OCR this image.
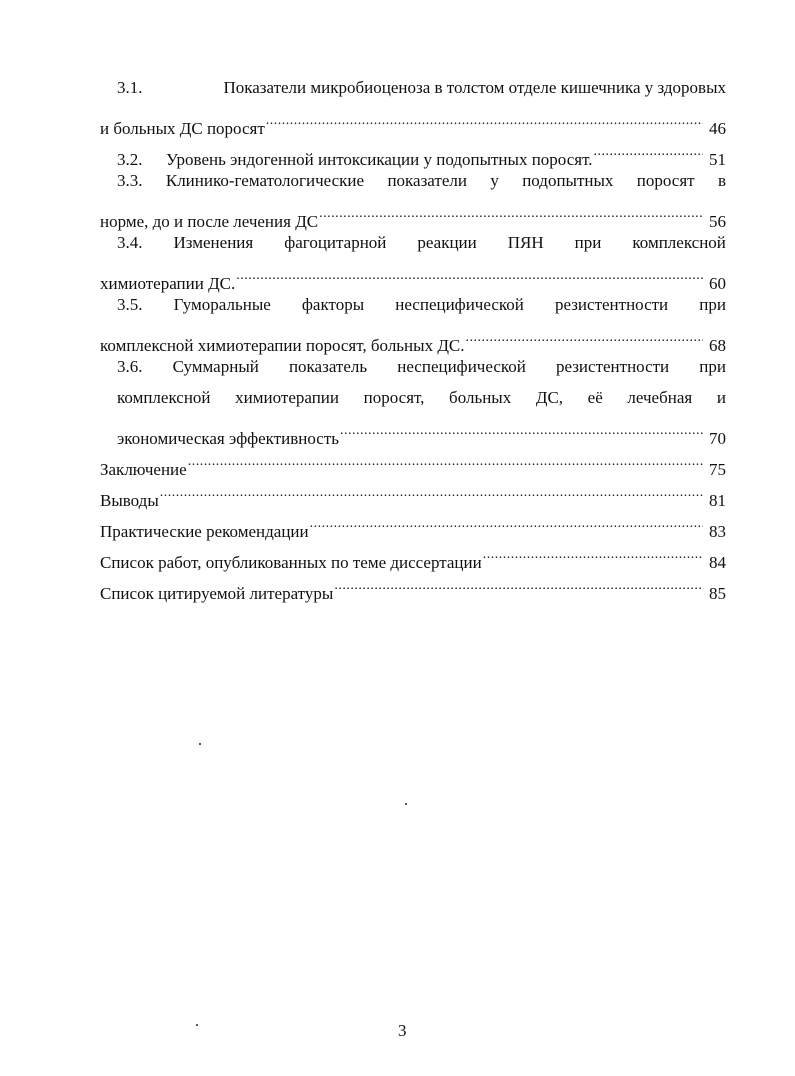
3.1.	Показатели микробиоценоза в толстом отделе кишечника у здоровых
и больных ДС поросят .....	46
3.2.	Уровень эндогенной интоксикации у подопытных поросят. .....	51
3.3. Клинико-гематологические показатели у подопытных поросят в
норме, до и после лечения ДС .....	56
3.4. Изменения фагоцитарной реакции ПЯН при комплексной
химиотерапии ДС. .....	60
3.5. Гуморальные факторы неспецифической резистентности при
комплексной химиотерапии поросят, больных ДС. .....	68
3.6. Суммарный показатель неспецифической резистентности при
комплексной химиотерапии поросят, больных ДС, её лечебная и
экономическая эффективность .....	70
Заключение .....	75
Выводы .....	81
Практические рекомендации .....	83
Список работ, опубликованных по теме диссертации .....	84
Список цитируемой литературы .....	85
3
